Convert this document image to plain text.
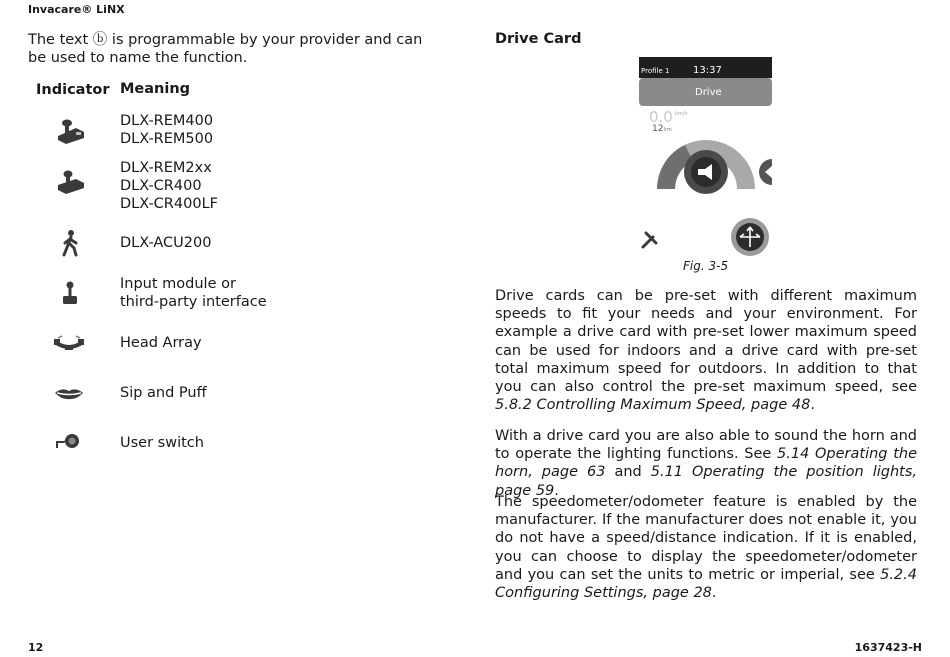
Invacare® LiNX
The text ⓑ is programmable by your provider and can be used to name the function.
Indicator Meaning
DLX-REM400
DLX-REM500
DLX-REM2xx
DLX-CR400
DLX-CR400LF
DLX-ACU200
Input module or
third-party interface
Head Array
Sip and Puff
User switch
Drive Card
Profile 1 13:37
Drive
0.0 km/h
12 km
Fig. 3-5
Drive cards can be pre-set with different maximum speeds to fit your needs and your environment. For example a drive card with pre-set lower maximum speed can be used for indoors and a drive card with pre-set total maximum speed for outdoors. In addition to that you can also control the pre-set maximum speed, see 5.8.2 Controlling Maximum Speed, page 48.
With a drive card you are also able to sound the horn and to operate the lighting functions. See 5.14 Operating the horn, page 63 and 5.11 Operating the position lights, page 59.
The speedometer/odometer feature is enabled by the manufacturer. If the manufacturer does not enable it, you do not have a speed/distance indication. If it is enabled, you can choose to display the speedometer/odometer and you can set the units to metric or imperial, see 5.2.4 Configuring Settings, page 28.
12	1637423-H
